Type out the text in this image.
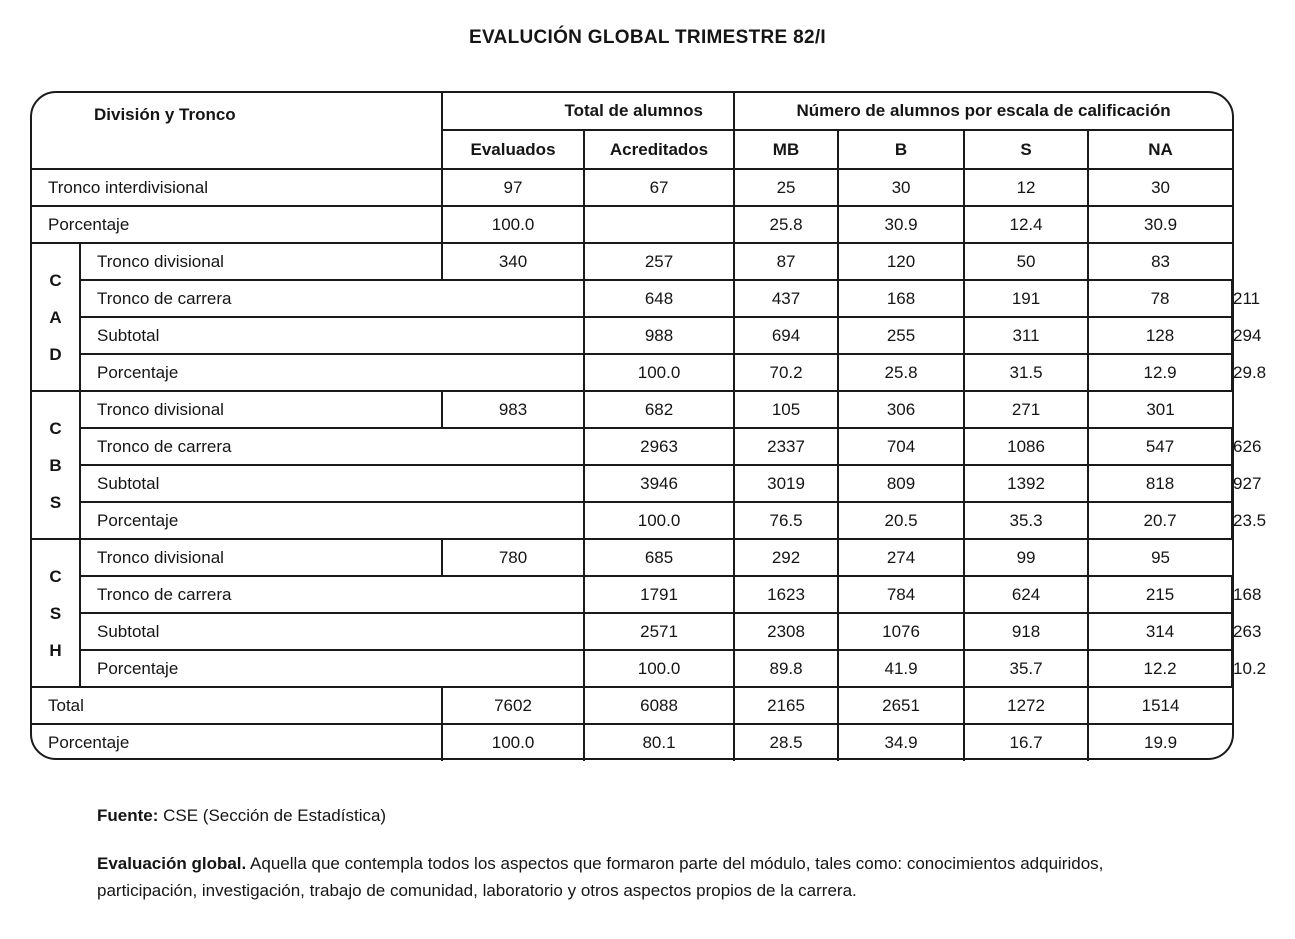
EVALUCIÓN GLOBAL TRIMESTRE 82/I
División y Tronco		Total de alumnos		Número de alumnos por escala de calificación				
		Evaluados	Acreditados	MB	B	S	NA	
Tronco interdivisional		97	67	25	30	12	30	
Porcentaje		100.0		25.8	30.9	12.4	30.9	

C
A
D	Tronco divisional	340	257	87	120	50	83	
	Tronco de carrera		648	437	168	191	78	211
	Subtotal		988	694	255	311	128	294
	Porcentaje		100.0	70.2	25.8	31.5	12.9	29.8

C
B
S	Tronco divisional	983	682	105	306	271	301	
	Tronco de carrera		2963	2337	704	1086	547	626
	Subtotal		3946	3019	809	1392	818	927
	Porcentaje		100.0	76.5	20.5	35.3	20.7	23.5

C
S
H	Tronco divisional	780	685	292	274	99	95	
	Tronco de carrera		1791	1623	784	624	215	168
	Subtotal		2571	2308	1076	918	314	263
	Porcentaje		100.0	89.8	41.9	35.7	12.2	10.2
Total		7602	6088	2165	2651	1272	1514	
Porcentaje		100.0	80.1	28.5	34.9	16.7	19.9	
Fuente: CSE (Sección de Estadística)
Evaluación global. Aquella que contempla todos los aspectos que formaron parte del módulo, tales como: conocimientos adquiridos, participación, investigación, trabajo de comunidad, laboratorio y otros aspectos propios de la carrera.
